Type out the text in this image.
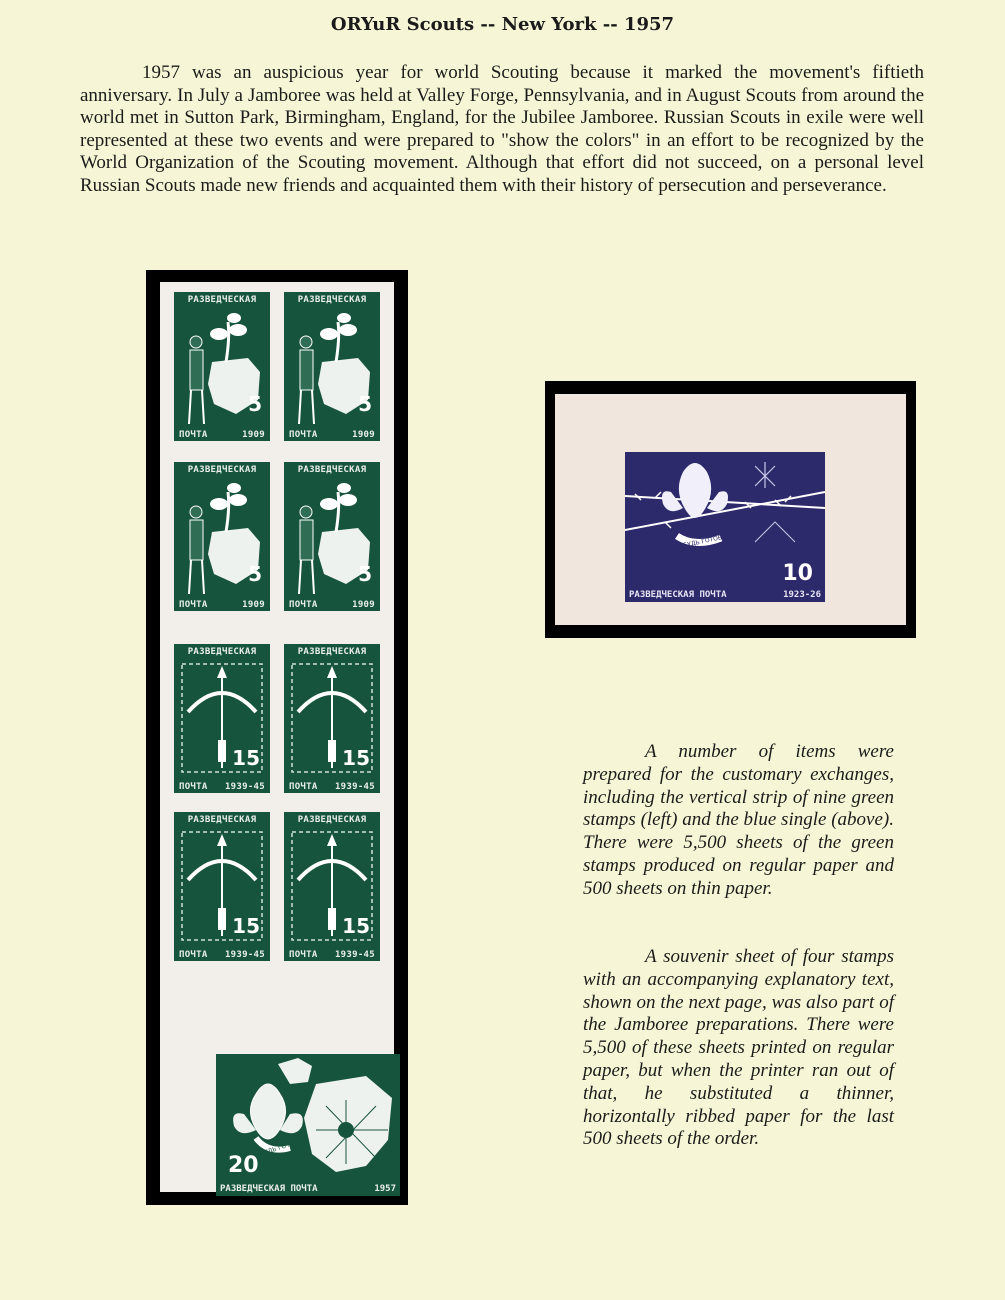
ORYuR Scouts -- New York -- 1957

1957 was an auspicious year for world Scouting because it marked the movement's fiftieth anniversary. In July a Jamboree was held at Valley Forge, Pennsylvania, and in August Scouts from around the world met in Sutton Park, Birmingham, England, for the Jubilee Jamboree. Russian Scouts in exile were well represented at these two events and were prepared to "show the colors" in an effort to be recognized by the World Organization of the Scouting movement. Although that effort did not succeed, on a personal level Russian Scouts made new friends and acquainted them with their history of persecution and perseverance.

РАЗВЕДЧЕСКАЯ
5
ПОЧТА	1909
РАЗВЕДЧЕСКАЯ
5
ПОЧТА	1909
РАЗВЕДЧЕСКАЯ
5
ПОЧТА	1909
РАЗВЕДЧЕСКАЯ
5
ПОЧТА	1909
РАЗВЕДЧЕСКАЯ
15
ПОЧТА 1939-45
РАЗВЕДЧЕСКАЯ
15
ПОЧТА 1939-45
РАЗВЕДЧЕСКАЯ
15
ПОЧТА 1939-45
РАЗВЕДЧЕСКАЯ
15
ПОЧТА 1939-45
БУДЬ ГОТОВ
20
РАЗВЕДЧЕСКАЯ ПОЧТА	1957
БУДЬ ГОТОВ
10
РАЗВЕДЧЕСКАЯ ПОЧТА	1923-26

A number of items were prepared for the customary exchanges, including the vertical strip of nine green stamps (left) and the blue single (above). There were 5,500 sheets of the green stamps produced on regular paper and 500 sheets on thin paper.

A souvenir sheet of four stamps with an accompanying explanatory text, shown on the next page, was also part of the Jamboree preparations. There were 5,500 of these sheets printed on regular paper, but when the printer ran out of that, he substituted a thinner, horizontally ribbed paper for the last 500 sheets of the order.
